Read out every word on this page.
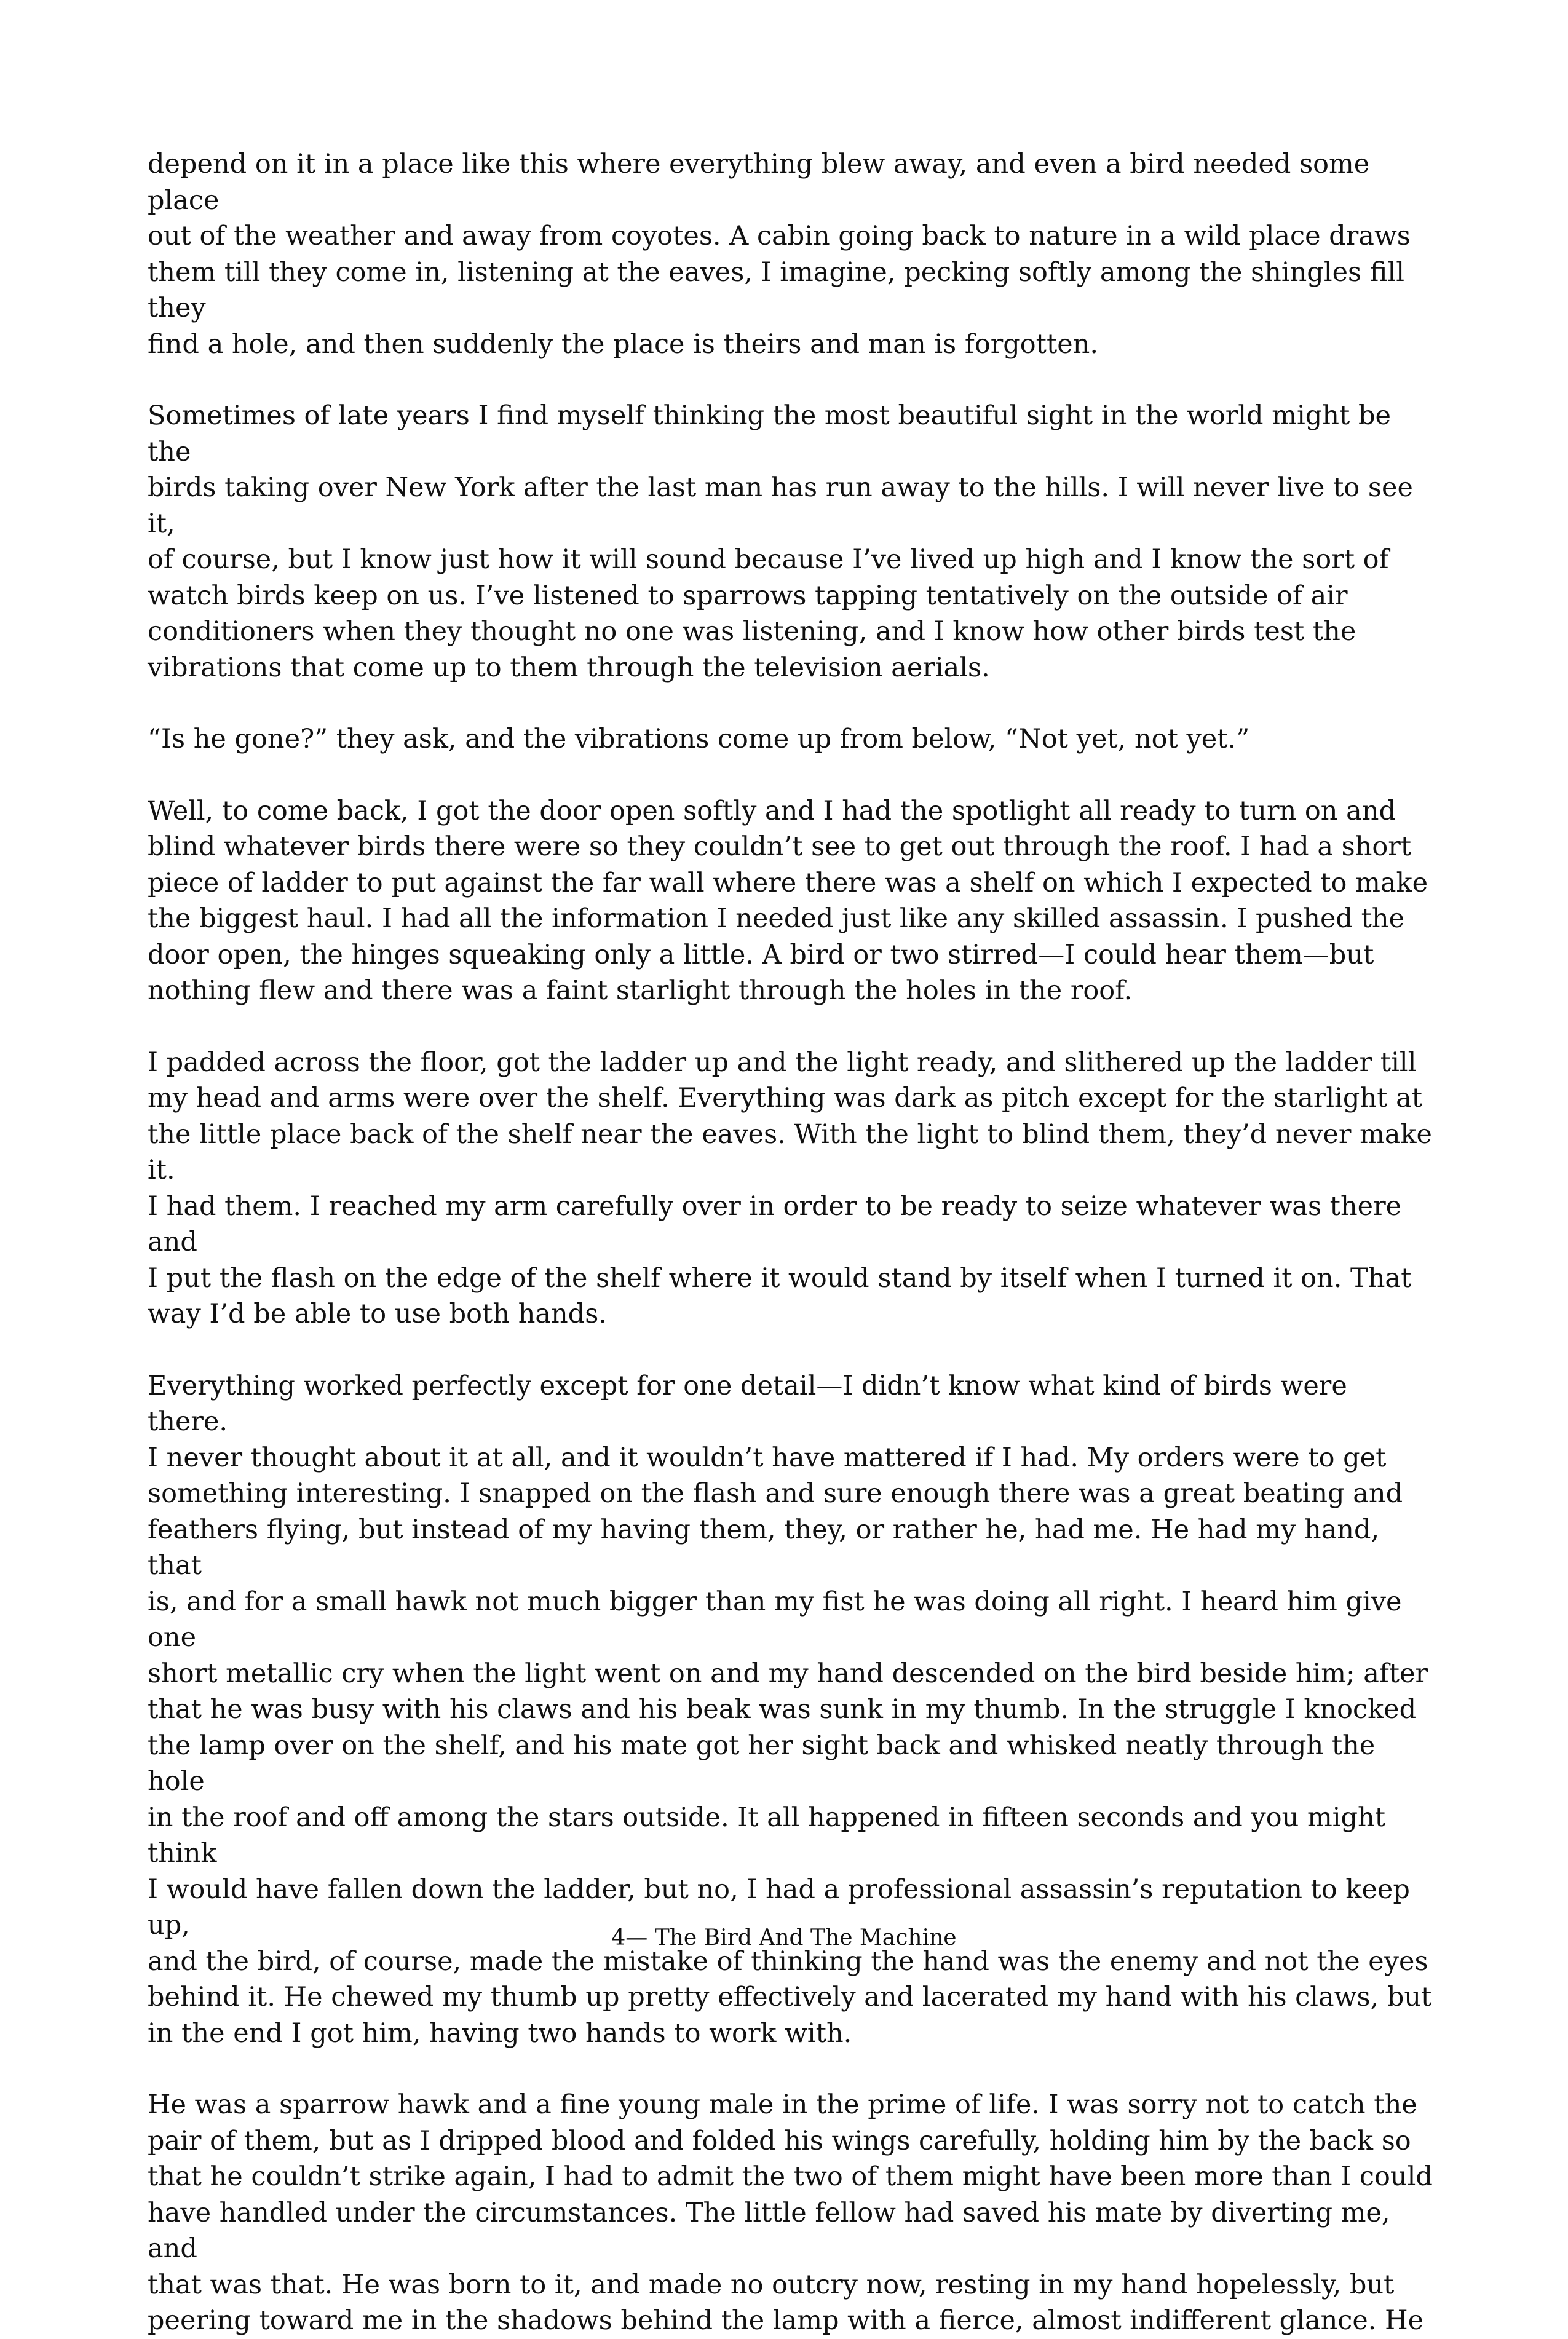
depend on it in a place like this where everything blew away, and even a bird needed some place
out of the weather and away from coyotes. A cabin going back to nature in a wild place draws
them till they come in, listening at the eaves, I imagine, pecking softly among the shingles fill they
find a hole, and then suddenly the place is theirs and man is forgotten.

Sometimes of late years I find myself thinking the most beautiful sight in the world might be the
birds taking over New York after the last man has run away to the hills. I will never live to see it,
of course, but I know just how it will sound because I’ve lived up high and I know the sort of
watch birds keep on us. I’ve listened to sparrows tapping tentatively on the outside of air
conditioners when they thought no one was listening, and I know how other birds test the
vibrations that come up to them through the television aerials.

“Is he gone?” they ask, and the vibrations come up from below, “Not yet, not yet.”

Well, to come back, I got the door open softly and I had the spotlight all ready to turn on and
blind whatever birds there were so they couldn’t see to get out through the roof. I had a short
piece of ladder to put against the far wall where there was a shelf on which I expected to make
the biggest haul. I had all the information I needed just like any skilled assassin. I pushed the
door open, the hinges squeaking only a little. A bird or two stirred—I could hear them—but
nothing flew and there was a faint starlight through the holes in the roof.

I padded across the floor, got the ladder up and the light ready, and slithered up the ladder till
my head and arms were over the shelf. Everything was dark as pitch except for the starlight at
the little place back of the shelf near the eaves. With the light to blind them, they’d never make it.
I had them. I reached my arm carefully over in order to be ready to seize whatever was there and
I put the flash on the edge of the shelf where it would stand by itself when I turned it on. That
way I’d be able to use both hands.

Everything worked perfectly except for one detail—I didn’t know what kind of birds were there.
I never thought about it at all, and it wouldn’t have mattered if I had. My orders were to get
something interesting. I snapped on the flash and sure enough there was a great beating and
feathers flying, but instead of my having them, they, or rather he, had me. He had my hand, that
is, and for a small hawk not much bigger than my fist he was doing all right. I heard him give one
short metallic cry when the light went on and my hand descended on the bird beside him; after
that he was busy with his claws and his beak was sunk in my thumb. In the struggle I knocked
the lamp over on the shelf, and his mate got her sight back and whisked neatly through the hole
in the roof and off among the stars outside. It all happened in fifteen seconds and you might think
I would have fallen down the ladder, but no, I had a professional assassin’s reputation to keep up,
and the bird, of course, made the mistake of thinking the hand was the enemy and not the eyes
behind it. He chewed my thumb up pretty effectively and lacerated my hand with his claws, but
in the end I got him, having two hands to work with.

He was a sparrow hawk and a fine young male in the prime of life. I was sorry not to catch the
pair of them, but as I dripped blood and folded his wings carefully, holding him by the back so
that he couldn’t strike again, I had to admit the two of them might have been more than I could
have handled under the circumstances. The little fellow had saved his mate by diverting me, and
that was that. He was born to it, and made no outcry now, resting in my hand hopelessly, but
peering toward me in the shadows behind the lamp with a fierce, almost indifferent glance. He

4— The Bird And The Machine
